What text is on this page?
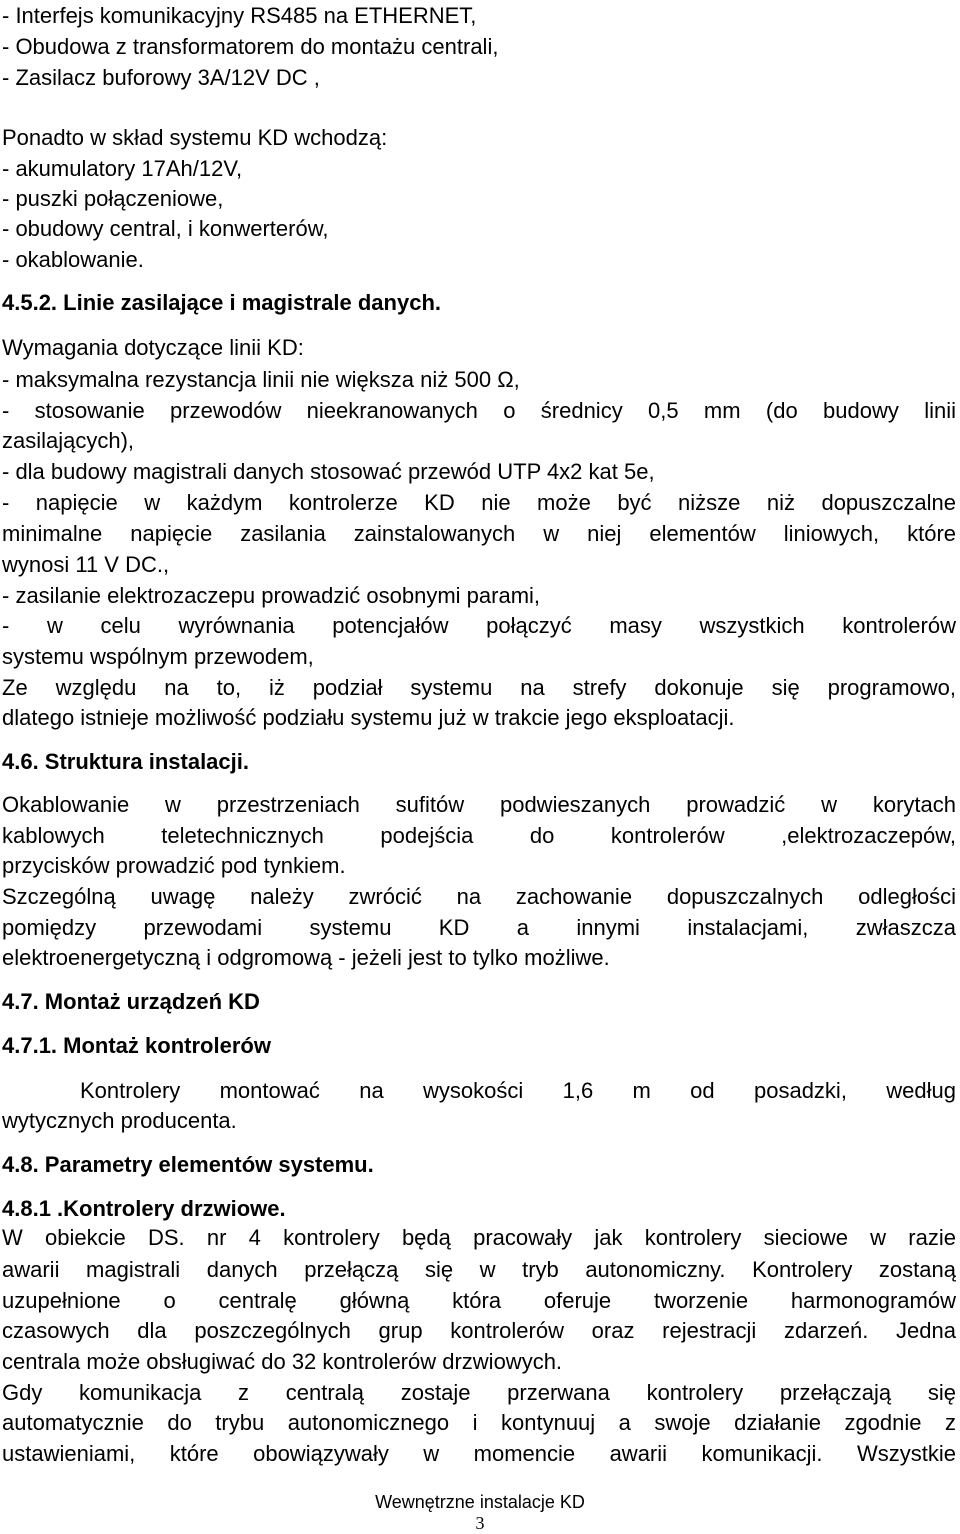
- Interfejs komunikacyjny RS485 na ETHERNET,
- Obudowa z transformatorem do montażu centrali,
- Zasilacz buforowy 3A/12V DC ,
Ponadto w skład systemu KD wchodzą:
- akumulatory 17Ah/12V,
- puszki połączeniowe,
- obudowy central, i konwerterów,
- okablowanie.
4.5.2. Linie zasilające i magistrale danych.
Wymagania dotyczące linii KD:
- maksymalna rezystancja linii nie większa niż 500 Ω,
- stosowanie przewodów nieekranowanych o średnicy 0,5 mm (do budowy linii
zasilających),
- dla budowy magistrali danych stosować przewód UTP 4x2 kat 5e,
- napięcie w każdym kontrolerze KD nie może być niższe niż dopuszczalne
minimalne napięcie zasilania zainstalowanych w niej elementów liniowych, które
wynosi 11 V DC.,
- zasilanie elektrozaczepu prowadzić osobnymi parami,
- w celu wyrównania potencjałów połączyć masy wszystkich kontrolerów
systemu wspólnym przewodem,
Ze względu na to, iż podział systemu na strefy dokonuje się programowo,
dlatego istnieje możliwość podziału systemu już w trakcie jego eksploatacji.
4.6. Struktura instalacji.
Okablowanie w przestrzeniach sufitów podwieszanych prowadzić w korytach
kablowych teletechnicznych podejścia do kontrolerów ,elektrozaczepów,
przycisków prowadzić pod tynkiem.
Szczególną uwagę należy zwrócić na zachowanie dopuszczalnych odległości
pomiędzy przewodami systemu KD a innymi instalacjami, zwłaszcza
elektroenergetyczną i odgromową - jeżeli jest to tylko możliwe.
4.7. Montaż urządzeń KD
4.7.1. Montaż kontrolerów
Kontrolery montować na wysokości 1,6 m od posadzki, według
wytycznych producenta.
4.8. Parametry elementów systemu.
4.8.1 .Kontrolery drzwiowe.
W obiekcie DS. nr 4 kontrolery będą pracowały jak kontrolery sieciowe w razie
awarii magistrali danych przełączą się w tryb autonomiczny. Kontrolery zostaną
uzupełnione o centralę główną która oferuje tworzenie harmonogramów
czasowych dla poszczególnych grup kontrolerów oraz rejestracji zdarzeń. Jedna
centrala może obsługiwać do 32 kontrolerów drzwiowych.
Gdy komunikacja z centralą zostaje przerwana kontrolery przełączają się
automatycznie do trybu autonomicznego i kontynuuj a swoje działanie zgodnie z
ustawieniami, które obowiązywały w momencie awarii komunikacji. Wszystkie
Wewnętrzne instalacje KD
3
